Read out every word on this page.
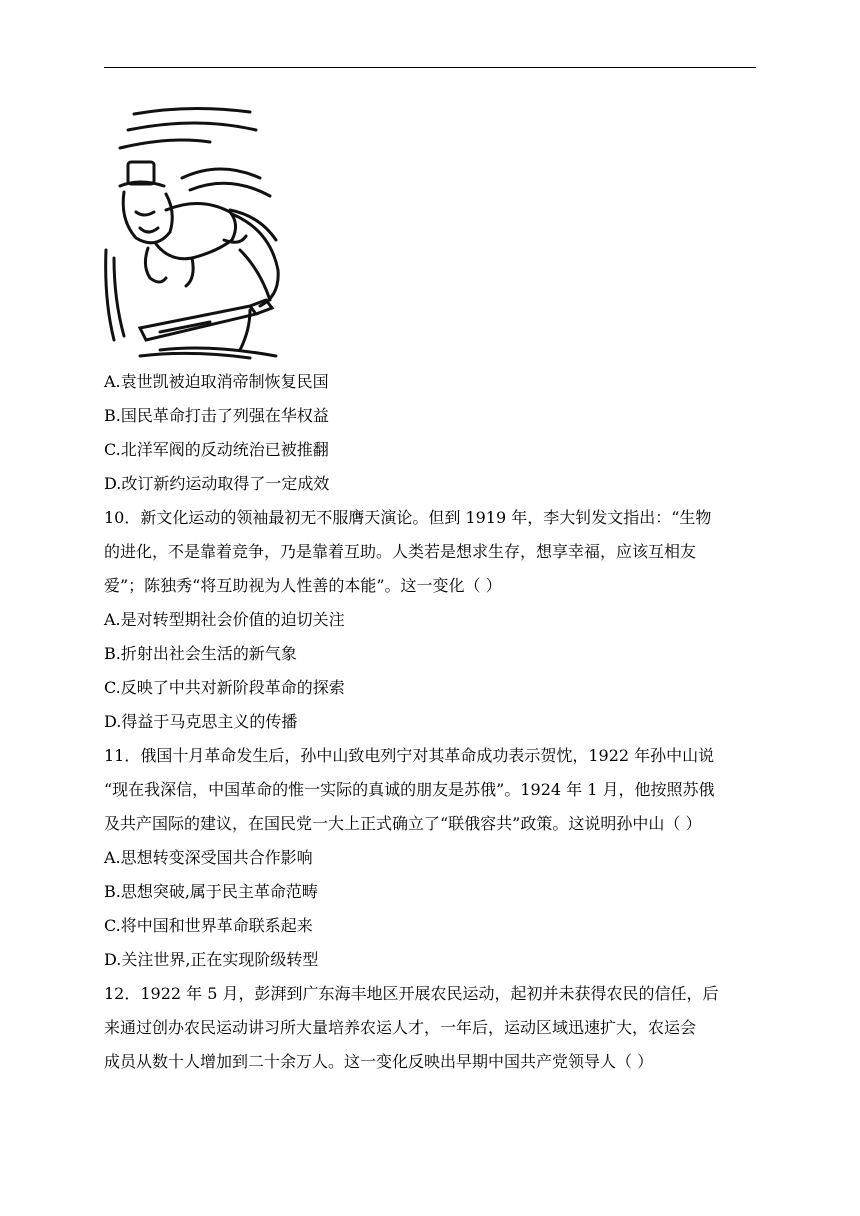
A.袁世凯被迫取消帝制恢复民国
B.国民革命打击了列强在华权益
C.北洋军阀的反动统治已被推翻
D.改订新约运动取得了一定成效
10．新文化运动的领袖最初无不服膺天演论。但到 1919 年，李大钊发文指出：“生物
的进化，不是靠着竞争，乃是靠着互助。人类若是想求生存，想享幸福，应该互相友
爱”；陈独秀“将互助视为人性善的本能”。这一变化（ ）
A.是对转型期社会价值的迫切关注
B.折射出社会生活的新气象
C.反映了中共对新阶段革命的探索
D.得益于马克思主义的传播
11．俄国十月革命发生后，孙中山致电列宁对其革命成功表示贺忱，1922 年孙中山说
“现在我深信，中国革命的惟一实际的真诚的朋友是苏俄”。1924 年 1 月，他按照苏俄
及共产国际的建议，在国民党一大上正式确立了“联俄容共”政策。这说明孙中山（ ）
A.思想转变深受国共合作影响
B.思想突破,属于民主革命范畴
C.将中国和世界革命联系起来
D.关注世界,正在实现阶级转型
12．1922 年 5 月，彭湃到广东海丰地区开展农民运动，起初并未获得农民的信任，后
来通过创办农民运动讲习所大量培养农运人才，一年后，运动区域迅速扩大，农运会
成员从数十人增加到二十余万人。这一变化反映出早期中国共产党领导人（ ）
